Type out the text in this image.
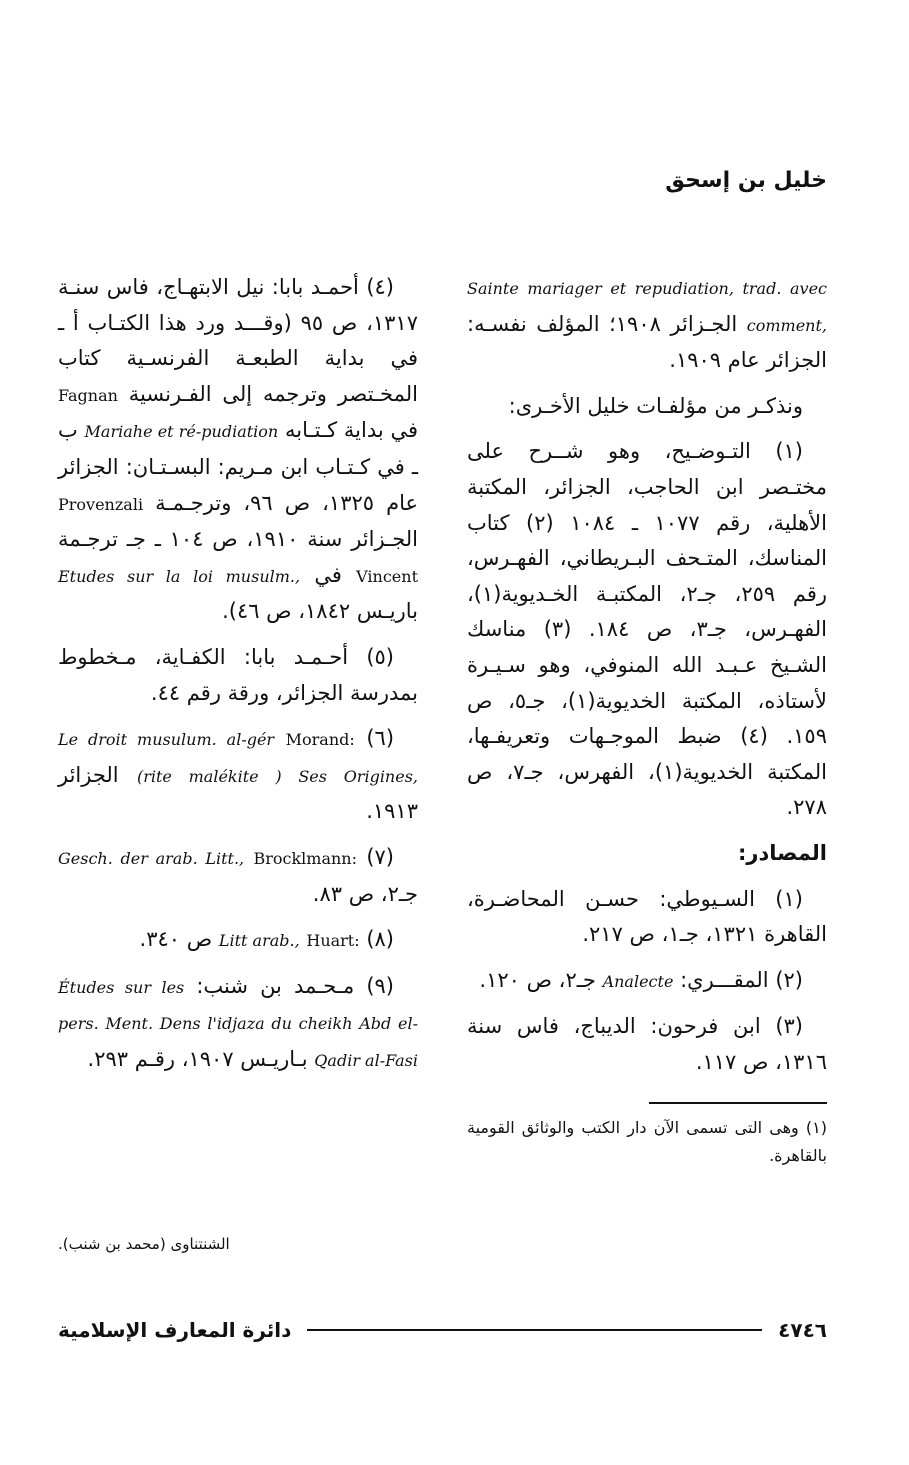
خليل بن إسحق

Sainte mariager et repudiation, trad. avec comment, الجـزائر ١٩٠٨؛ المؤلف نفسـه: الجزائر عام ١٩٠٩.

ونذكـر من مؤلفـات خليل الأخـرى:

(١) التـوضـيح، وهو شــرح على مختـصر ابن الحاجب، الجزائر، المكتبة الأهلية، رقم ١٠٧٧ ـ ١٠٨٤ (٢) كتاب المناسك، المتـحف البـريطاني، الفهـرس، رقم ٢٥٩، جـ٢، المكتبـة الخـديوية(١)، الفهـرس، جـ٣، ص ١٨٤. (٣) مناسك الشـيخ عـبـد الله المنوفي، وهو سـيـرة لأستاذه، المكتبة الخديوية(١)، جـ٥، ص ١٥٩. (٤) ضبط الموجـهات وتعريفـها، المكتبة الخديوية(١)، الفهرس، جـ٧، ص ٢٧٨.

المصادر:

(١) السـيوطي: حسـن المحاضـرة، القاهرة ١٣٢١، جـ١، ص ٢١٧.

(٢) المقـــري: Analecte جـ٢، ص ١٢٠.

(٣) ابن فرحون: الديباج، فاس سنة ١٣١٦، ص ١١٧.

(١) وهى التى تسمى الآن دار الكتب والوثائق القومية بالقاهرة.

(٤) أحمـد بابا: نيل الابتهـاج، فاس سنـة ١٣١٧، ص ٩٥ (وقـــد ورد هذا الكتـاب أ ـ في بداية الطبعـة الفرنسـية كتاب المخـتصر وترجمه إلى الفـرنسية Fagnan في بداية كـتـابه Mariahe et ré-pudiation ب ـ في كـتـاب ابن مـريم: البسـتـان: الجزائر عام ١٣٢٥، ص ٩٦، وترجـمـة Provenzali الجـزائر سنة ١٩١٠، ص ١٠٤ ـ جـ ترجـمة Vincent في Etudes sur la loi musulm., باريـس ١٨٤٢، ص ٤٦).

(٥) أحـمـد بابا: الكفـاية، مـخطوط بمدرسة الجزائر، ورقة رقم ٤٤.

(٦) Morand: Le droit musulum. al-gér (rite malékite ) Ses Origines, الجزائر ١٩١٣.

(٧) Brocklmann: Gesch. der arab. Litt., جـ٢، ص ٨٣.

(٨) Huart: Litt arab., ص ٣٤٠.

(٩) مـحـمد بن شنب: Études sur les pers. Ment. Dens l'idjaza du cheikh Abd el-Qadir al-Fasi بـاريـس ١٩٠٧، رقـم ٢٩٣.

الشنتناوى (محمد بن شنب).
٤٧٤٦
دائرة المعارف الإسلامية
